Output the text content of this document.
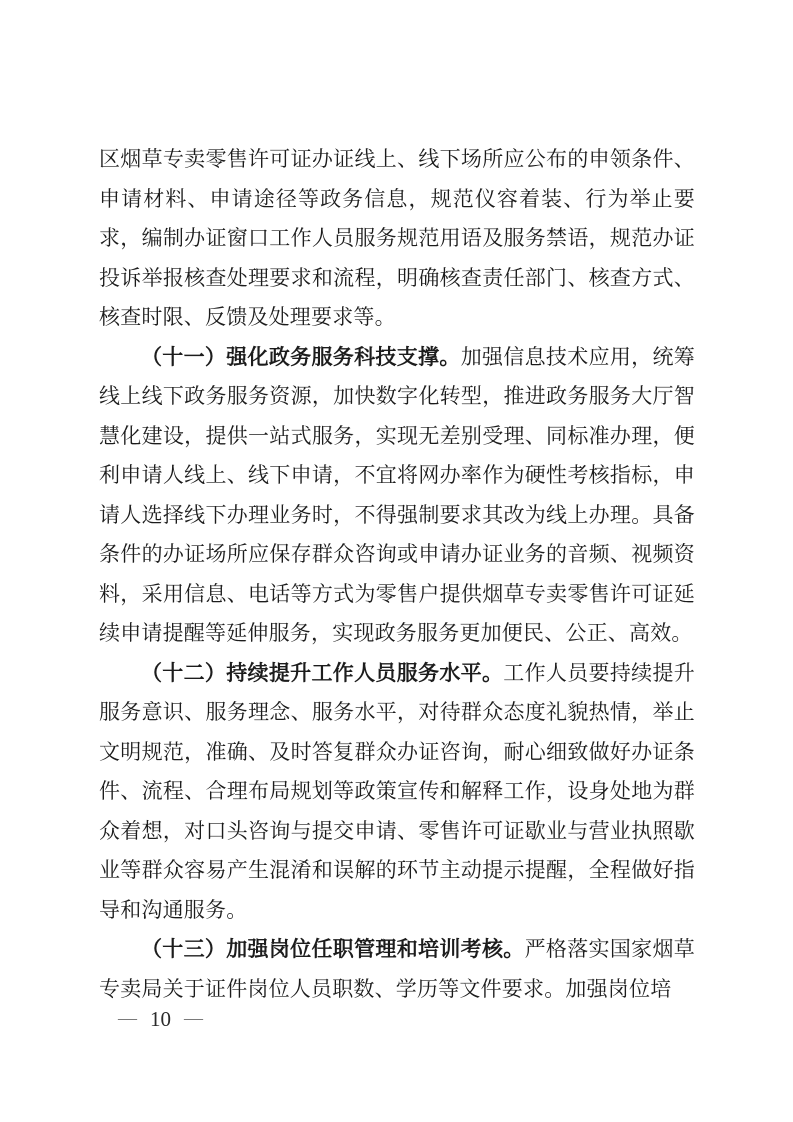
区烟草专卖零售许可证办证线上、线下场所应公布的申领条件、申请材料、申请途径等政务信息，规范仪容着装、行为举止要求，编制办证窗口工作人员服务规范用语及服务禁语，规范办证投诉举报核查处理要求和流程，明确核查责任部门、核查方式、核查时限、反馈及处理要求等。

（十一）强化政务服务科技支撑。加强信息技术应用，统筹线上线下政务服务资源，加快数字化转型，推进政务服务大厅智慧化建设，提供一站式服务，实现无差别受理、同标准办理，便利申请人线上、线下申请，不宜将网办率作为硬性考核指标，申请人选择线下办理业务时，不得强制要求其改为线上办理。具备条件的办证场所应保存群众咨询或申请办证业务的音频、视频资料，采用信息、电话等方式为零售户提供烟草专卖零售许可证延续申请提醒等延伸服务，实现政务服务更加便民、公正、高效。

（十二）持续提升工作人员服务水平。工作人员要持续提升服务意识、服务理念、服务水平，对待群众态度礼貌热情，举止文明规范，准确、及时答复群众办证咨询，耐心细致做好办证条件、流程、合理布局规划等政策宣传和解释工作，设身处地为群众着想，对口头咨询与提交申请、零售许可证歇业与营业执照歇业等群众容易产生混淆和误解的环节主动提示提醒，全程做好指导和沟通服务。

（十三）加强岗位任职管理和培训考核。严格落实国家烟草专卖局关于证件岗位人员职数、学历等文件要求。加强岗位培

— 10 —
